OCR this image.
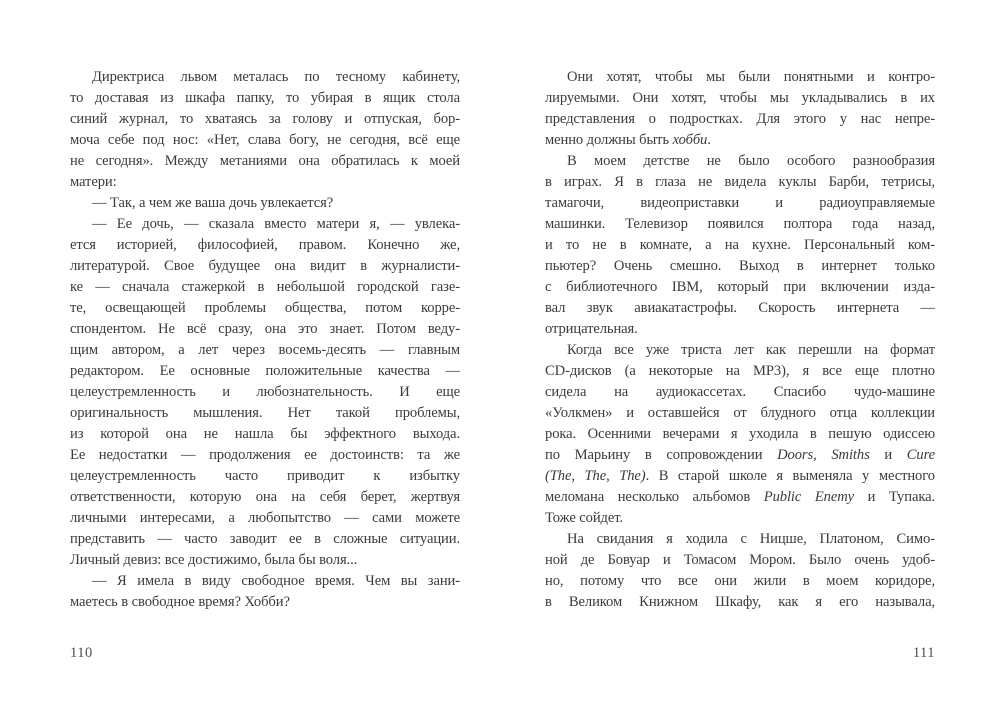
Директриса львом металась по тесному кабинету,
то доставая из шкафа папку, то убирая в ящик стола
синий журнал, то хватаясь за голову и отпуская, бор-
моча себе под нос: «Нет, слава богу, не сегодня, всё еще
не сегодня». Между метаниями она обратилась к моей
матери:
— Так, а чем же ваша дочь увлекается?
— Ее дочь, — сказала вместо матери я, — увлека-
ется историей, философией, правом. Конечно же,
литературой. Свое будущее она видит в журналисти-
ке — сначала стажеркой в небольшой городской газе-
те, освещающей проблемы общества, потом корре-
спондентом. Не всё сразу, она это знает. Потом веду-
щим автором, а лет через восемь-десять — главным
редактором. Ее основные положительные качества —
целеустремленность и любознательность. И еще
оригинальность мышления. Нет такой проблемы,
из которой она не нашла бы эффектного выхода.
Ее недостатки — продолжения ее достоинств: та же
целеустремленность часто приводит к избытку
ответственности, которую она на себя берет, жертвуя
личными интересами, а любопытство — сами можете
представить — часто заводит ее в сложные ситуации.
Личный девиз: все достижимо, была бы воля...
— Я имела в виду свободное время. Чем вы зани-
маетесь в свободное время? Хобби?
110
Они хотят, чтобы мы были понятными и контро-
лируемыми. Они хотят, чтобы мы укладывались в их
представления о подростках. Для этого у нас непре-
менно должны быть хобби.
В моем детстве не было особого разнообразия
в играх. Я в глаза не видела куклы Барби, тетрисы,
тамагочи, видеоприставки и радиоуправляемые
машинки. Телевизор появился полтора года назад,
и то не в комнате, а на кухне. Персональный ком-
пьютер? Очень смешно. Выход в интернет только
с библиотечного IBM, который при включении изда-
вал звук авиакатастрофы. Скорость интернета —
отрицательная.
Когда все уже триста лет как перешли на формат
CD-дисков (а некоторые на MP3), я все еще плотно
сидела на аудиокассетах. Спасибо чудо-машине
«Уолкмен» и оставшейся от блудного отца коллекции
рока. Осенними вечерами я уходила в пешую одиссею
по Марьину в сопровождении Doors, Smiths и Cure
(The, The, The). В старой школе я выменяла у местного
меломана несколько альбомов Public Enemy и Тупака.
Тоже сойдет.
На свидания я ходила с Ницше, Платоном, Симо-
ной де Бовуар и Томасом Мором. Было очень удоб-
но, потому что все они жили в моем коридоре,
в Великом Книжном Шкафу, как я его называла,
111
